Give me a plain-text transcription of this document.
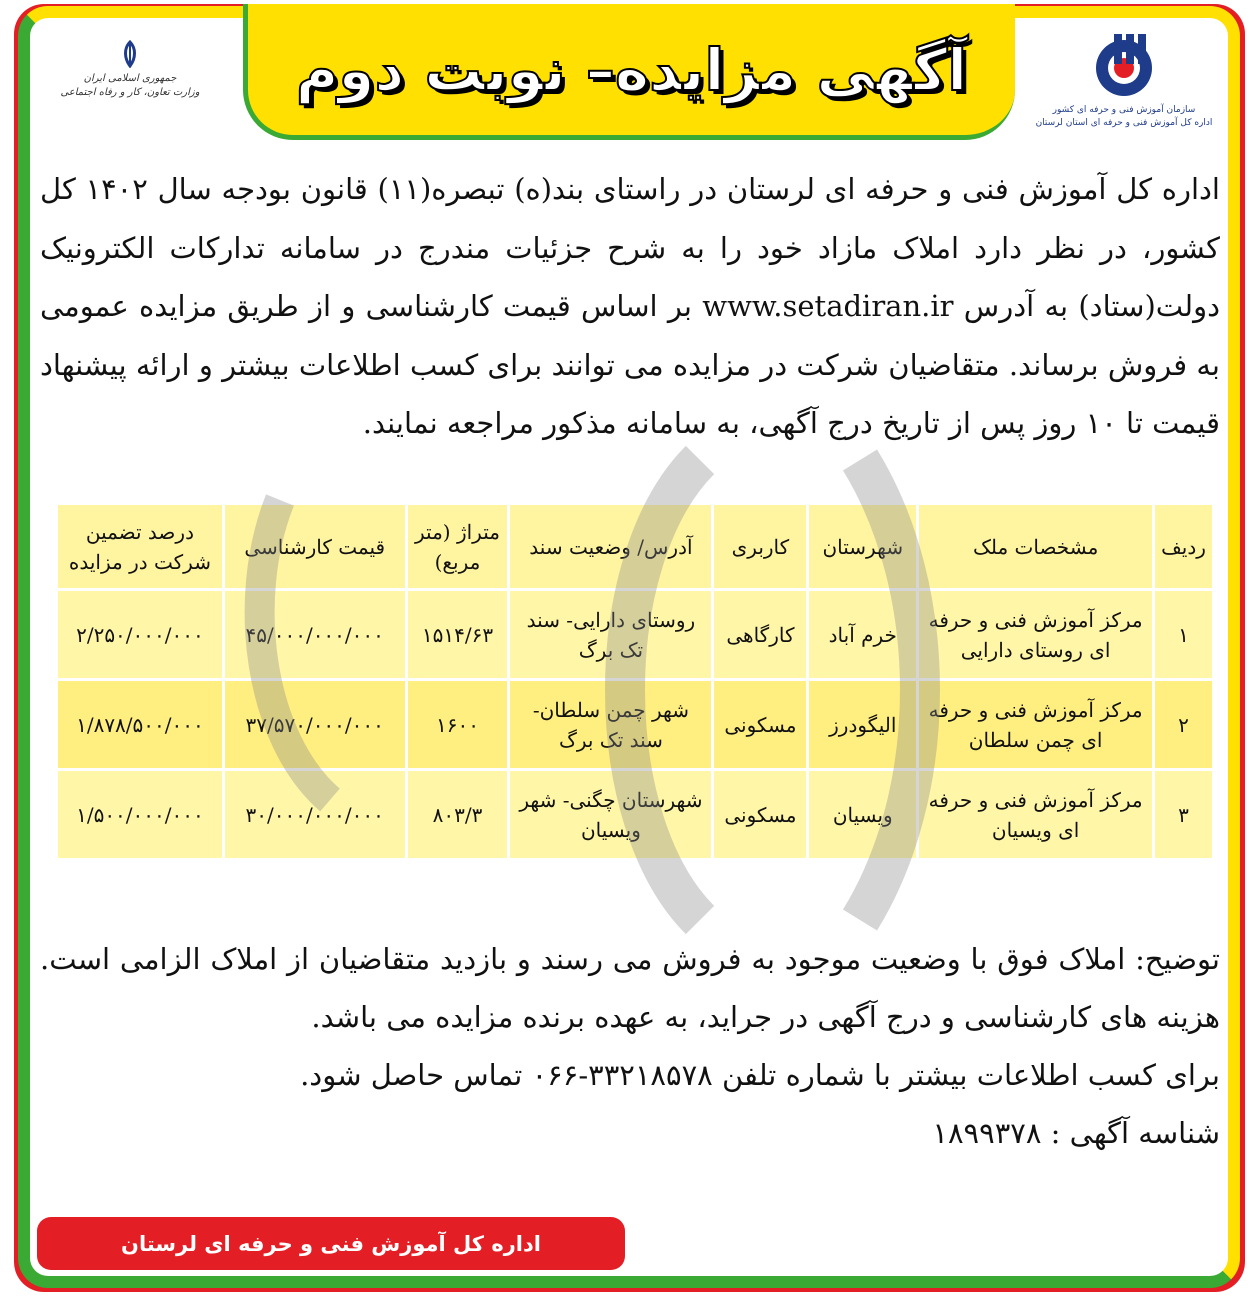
آگهی مزایده– نوبت دوم
سازمان آموزش فنی و حرفه ای کشور
اداره کل آموزش فنی و حرفه ای استان لرستان
جمهوری اسلامی ایران
وزارت تعاون، کار و رفاه اجتماعی
اداره کل آموزش فنی و حرفه ای لرستان در راستای بند(ه) تبصره(۱۱) قانون بودجه سال ۱۴۰۲ کل کشور، در نظر دارد املاک مازاد خود را به شرح جزئیات مندرج در سامانه تدارکات الکترونیک دولت(ستاد) به آدرس www.setadiran.ir بر اساس قیمت کارشناسی و از طریق مزایده عمومی به فروش برساند. متقاضیان شرکت در مزایده می توانند برای کسب اطلاعات بیشتر و ارائه پیشنهاد قیمت تا ۱۰ روز پس از تاریخ درج آگهی، به سامانه مذکور مراجعه نمایند.
ردیف	مشخصات ملک	شهرستان	کاربری	آدرس/ وضعیت سند	متراژ (متر مربع)	قیمت کارشناسی	درصد تضمین شرکت در مزایده
۱	مرکز آموزش فنی و حرفه ای روستای دارایی	خرم آباد	کارگاهی	روستای دارایی- سند تک برگ	۱۵۱۴/۶۳	۴۵/۰۰۰/۰۰۰/۰۰۰	۲/۲۵۰/۰۰۰/۰۰۰
۲	مرکز آموزش فنی و حرفه ای چمن سلطان	الیگودرز	مسکونی	شهر چمن سلطان- سند تک برگ	۱۶۰۰	۳۷/۵۷۰/۰۰۰/۰۰۰	۱/۸۷۸/۵۰۰/۰۰۰
۳	مرکز آموزش فنی و حرفه ای ویسیان	ویسیان	مسکونی	شهرستان چگنی- شهر ویسیان	۸۰۳/۳	۳۰/۰۰۰/۰۰۰/۰۰۰	۱/۵۰۰/۰۰۰/۰۰۰
توضیح: املاک فوق با وضعیت موجود به فروش می رسند و بازدید متقاضیان از املاک الزامی است.
هزینه های کارشناسی و درج آگهی در جراید، به عهده برنده مزایده می باشد.
برای کسب اطلاعات بیشتر با شماره تلفن ۳۳۲۱۸۵۷۸-۰۶۶ تماس حاصل شود.
شناسه آگهی : ۱۸۹۹۳۷۸
اداره کل آموزش فنی و حرفه ای لرستان
